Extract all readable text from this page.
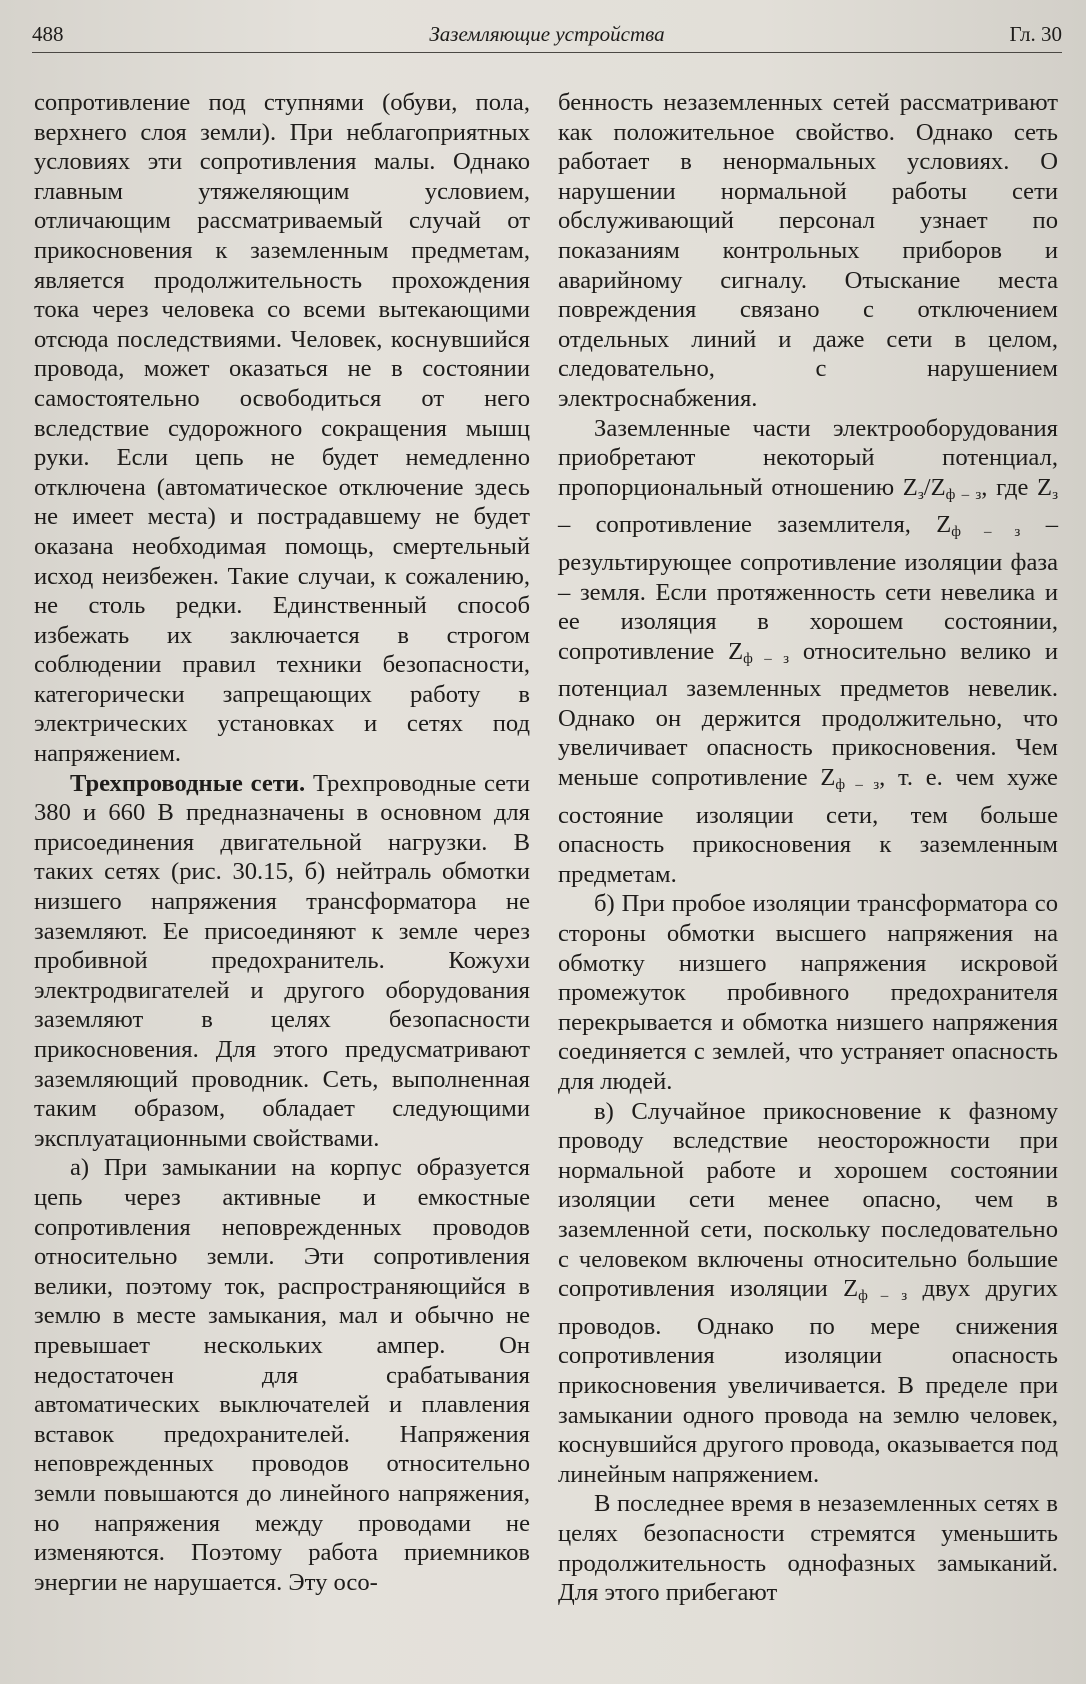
488	Заземляющие устройства	Гл. 30

сопротивление под ступнями (обуви, пола, верхнего слоя земли). При неблагоприятных условиях эти сопротивления малы. Однако главным утяжеляющим условием, отличающим рассматриваемый случай от прикосновения к заземленным предметам, является продолжительность прохождения тока через человека со всеми вытекающими отсюда последствиями. Человек, коснувшийся провода, может оказаться не в состоянии самостоятельно освободиться от него вследствие судорожного сокращения мышц руки. Если цепь не будет немедленно отключена (автоматическое отключение здесь не имеет места) и пострадавшему не будет оказана необходимая помощь, смертельный исход неизбежен. Такие случаи, к сожалению, не столь редки. Единственный способ избежать их заключается в строгом соблюдении правил техники безопасности, категорически запрещающих работу в электрических установках и сетях под напряжением.

Трехпроводные сети. Трехпроводные сети 380 и 660 В предназначены в основном для присоединения двигательной нагрузки. В таких сетях (рис. 30.15, б) нейтраль обмотки низшего напряжения трансформатора не заземляют. Ее присоединяют к земле через пробивной предохранитель. Кожухи электродвигателей и другого оборудования заземляют в целях безопасности прикосновения. Для этого предусматривают заземляющий проводник. Сеть, выполненная таким образом, обладает следующими эксплуатационными свойствами.

а) При замыкании на корпус образуется цепь через активные и емкостные сопротивления неповрежденных проводов относительно земли. Эти сопротивления велики, поэтому ток, распространяющийся в землю в месте замыкания, мал и обычно не превышает нескольких ампер. Он недостаточен для срабатывания автоматических выключателей и плавления вставок предохранителей. Напряжения неповрежденных проводов относительно земли повышаются до линейного напряжения, но напряжения между проводами не изменяются. Поэтому работа приемников энергии не нарушается. Эту осо-

бенность незаземленных сетей рассматривают как положительное свойство. Однако сеть работает в ненормальных условиях. О нарушении нормальной работы сети обслуживающий персонал узнает по показаниям контрольных приборов и аварийному сигналу. Отыскание места повреждения связано с отключением отдельных линий и даже сети в целом, следовательно, с нарушением электроснабжения.

Заземленные части электрооборудования приобретают некоторый потенциал, пропорциональный отношению $Z_з/Z_{ф - з}$, где $Z_з$ – сопротивление заземлителя, $Z_{ф - з}$ – результирующее сопротивление изоляции фаза – земля. Если протяженность сети невелика и ее изоляция в хорошем состоянии, сопротивление $Z_{ф - з}$ относительно велико и потенциал заземленных предметов невелик. Однако он держится продолжительно, что увеличивает опасность прикосновения. Чем меньше сопротивление $Z_{ф - з}$, т. е. чем хуже состояние изоляции сети, тем больше опасность прикосновения к заземленным предметам.

б) При пробое изоляции трансформатора со стороны обмотки высшего напряжения на обмотку низшего напряжения искровой промежуток пробивного предохранителя перекрывается и обмотка низшего напряжения соединяется с землей, что устраняет опасность для людей.

в) Случайное прикосновение к фазному проводу вследствие неосторожности при нормальной работе и хорошем состоянии изоляции сети менее опасно, чем в заземленной сети, поскольку последовательно с человеком включены относительно большие сопротивления изоляции $Z_{ф - з}$ двух других проводов. Однако по мере снижения сопротивления изоляции опасность прикосновения увеличивается. В пределе при замыкании одного провода на землю человек, коснувшийся другого провода, оказывается под линейным напряжением.

В последнее время в незаземленных сетях в целях безопасности стремятся уменьшить продолжительность однофазных замыканий. Для этого прибегают
